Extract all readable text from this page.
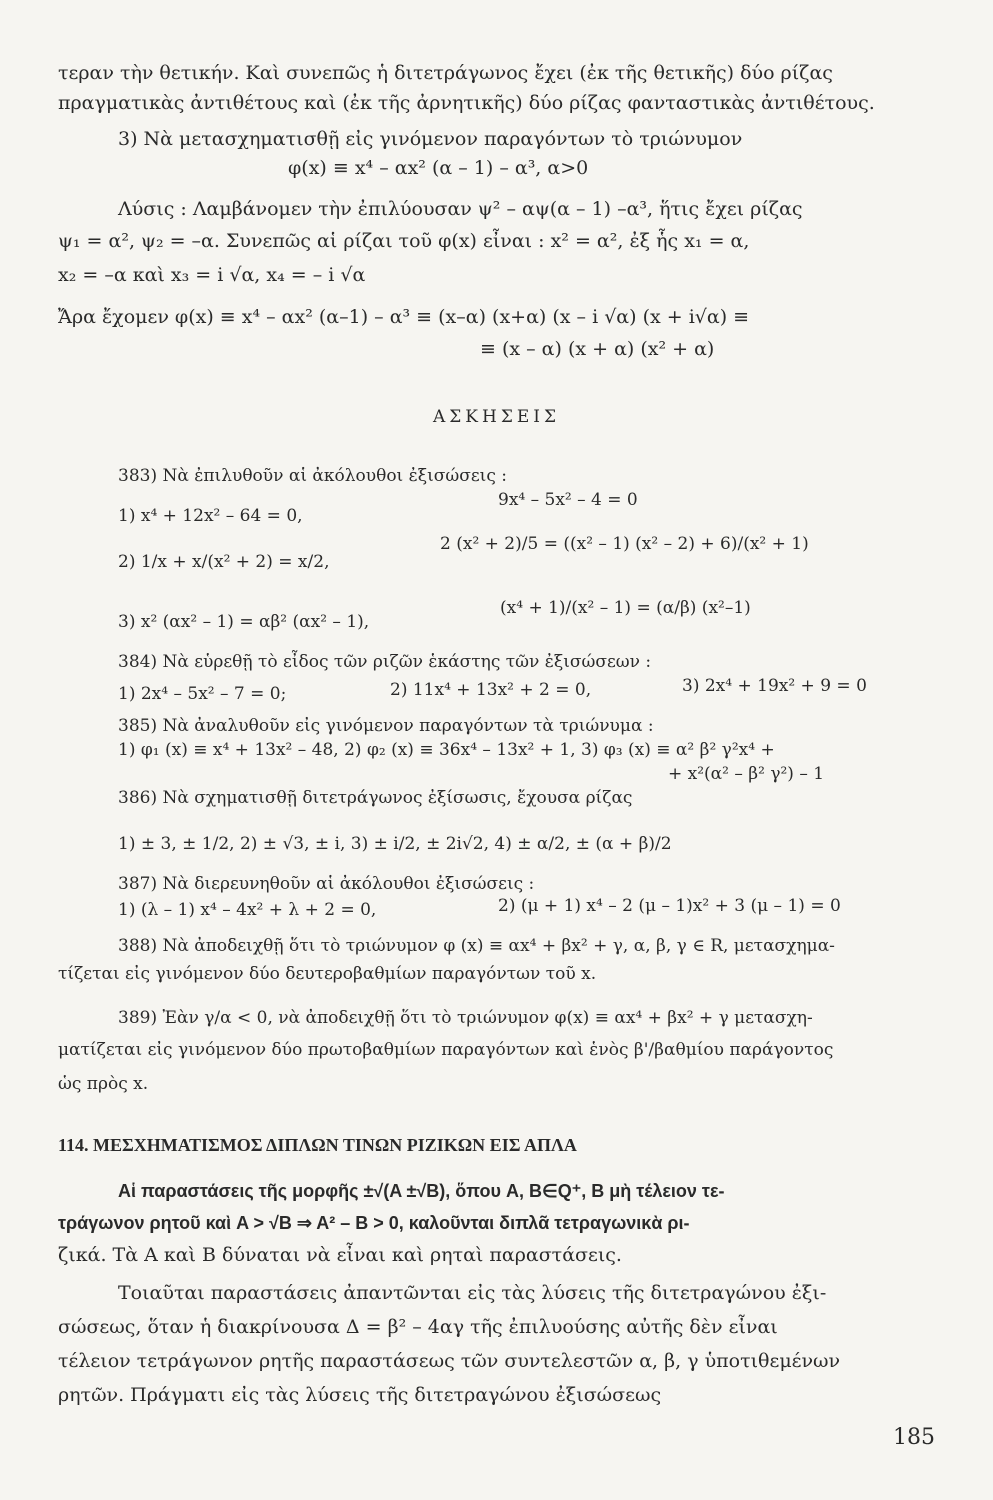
τεραν τὴν θετικήν. Καὶ συνεπῶς ἡ διτετράγωνος ἔχει (ἐκ τῆς θετικῆς) δύο ρίζας
πραγματικὰς ἀντιθέτους καὶ (ἐκ τῆς ἀρνητικῆς) δύο ρίζας φανταστικὰς ἀντιθέτους.
3) Νὰ μετασχηματισθῇ εἰς γινόμενον παραγόντων τὸ τριώνυμον
φ(x) ≡ x⁴ – αx² (α – 1) – α³, α>0
Λύσις : Λαμβάνομεν τὴν ἐπιλύουσαν ψ² – αψ(α – 1) –α³, ἥτις ἔχει ρίζας
ψ₁ = α², ψ₂ = –α. Συνεπῶς αἱ ρίζαι τοῦ φ(x) εἶναι : x² = α², ἐξ ἧς x₁ = α,
x₂ = –α καὶ x₃ = i √α, x₄ = – i √α
Ἄρα ἔχομεν φ(x) ≡ x⁴ – αx² (α–1) – α³ ≡ (x–α) (x+α) (x – i √α) (x + i√α) ≡
≡ (x – α) (x + α) (x² + α)
ΑΣΚΗΣΕΙΣ
383) Νὰ ἐπιλυθοῦν αἱ ἀκόλουθοι ἐξισώσεις :
9x⁴ – 5x² – 4 = 0
1) x⁴ + 12x² – 64 = 0,
2) 1/x + x/(x² + 2) = x/2,
2 (x² + 2)/5 = ((x² – 1) (x² – 2) + 6)/(x² + 1)
3) x² (αx² – 1) = αβ² (αx² – 1),
(x⁴ + 1)/(x² – 1) = (α/β) (x²–1)
384) Νὰ εὑρεθῇ τὸ εἶδος τῶν ριζῶν ἑκάστης τῶν ἐξισώσεων :
1) 2x⁴ – 5x² – 7 = 0;	2) 11x⁴ + 13x² + 2 = 0,	3) 2x⁴ + 19x² + 9 = 0
385) Νὰ ἀναλυθοῦν εἰς γινόμενον παραγόντων τὰ τριώνυμα :
1) φ₁ (x) ≡ x⁴ + 13x² – 48, 2) φ₂ (x) ≡ 36x⁴ – 13x² + 1, 3) φ₃ (x) ≡ α² β² γ²x⁴ +
+ x²(α² – β² γ²) – 1
386) Νὰ σχηματισθῇ διτετράγωνος ἐξίσωσις, ἔχουσα ρίζας
1) ± 3, ± 1/2, 2) ± √3, ± i, 3) ± i/2, ± 2i√2, 4) ± α/2, ± (α + β)/2
387) Νὰ διερευνηθοῦν αἱ ἀκόλουθοι ἐξισώσεις :
1) (λ – 1) x⁴ – 4x² + λ + 2 = 0,	2) (μ + 1) x⁴ – 2 (μ – 1)x² + 3 (μ – 1) = 0
388) Νὰ ἀποδειχθῇ ὅτι τὸ τριώνυμον φ (x) ≡ αx⁴ + βx² + γ, α, β, γ ∈ R, μετασχημα-
τίζεται εἰς γινόμενον δύο δευτεροβαθμίων παραγόντων τοῦ x.
389) Ἐὰν γ/α < 0, νὰ ἀποδειχθῇ ὅτι τὸ τριώνυμον φ(x) ≡ αx⁴ + βx² + γ μετασχη-
ματίζεται εἰς γινόμενον δύο πρωτοβαθμίων παραγόντων καὶ ἑνὸς β'/βαθμίου παράγοντος
ὡς πρὸς x.
114. ΜΕΣΧΗΜΑΤΙΣΜΟΣ ΔΙΠΛΩΝ ΤΙΝΩΝ ΡΙΖΙΚΩΝ ΕΙΣ ΑΠΛΑ
Αἱ παραστάσεις τῆς μορφῆς ±√(A ±√B), ὅπου A, B∈Q⁺, B μὴ τέλειον τε-
τράγωνον ρητοῦ καὶ A > √B ⇒ A² – B > 0, καλοῦνται διπλᾶ τετραγωνικὰ ρι-
ζικά. Τὰ A καὶ B δύναται νὰ εἶναι καὶ ρηταὶ παραστάσεις.
Τοιαῦται παραστάσεις ἀπαντῶνται εἰς τὰς λύσεις τῆς διτετραγώνου ἐξι-
σώσεως, ὅταν ἡ διακρίνουσα Δ = β² – 4αγ τῆς ἐπιλυούσης αὐτῆς δὲν εἶναι
τέλειον τετράγωνον ρητῆς παραστάσεως τῶν συντελεστῶν α, β, γ ὑποτιθεμένων
ρητῶν. Πράγματι εἰς τὰς λύσεις τῆς διτετραγώνου ἐξισώσεως
185
